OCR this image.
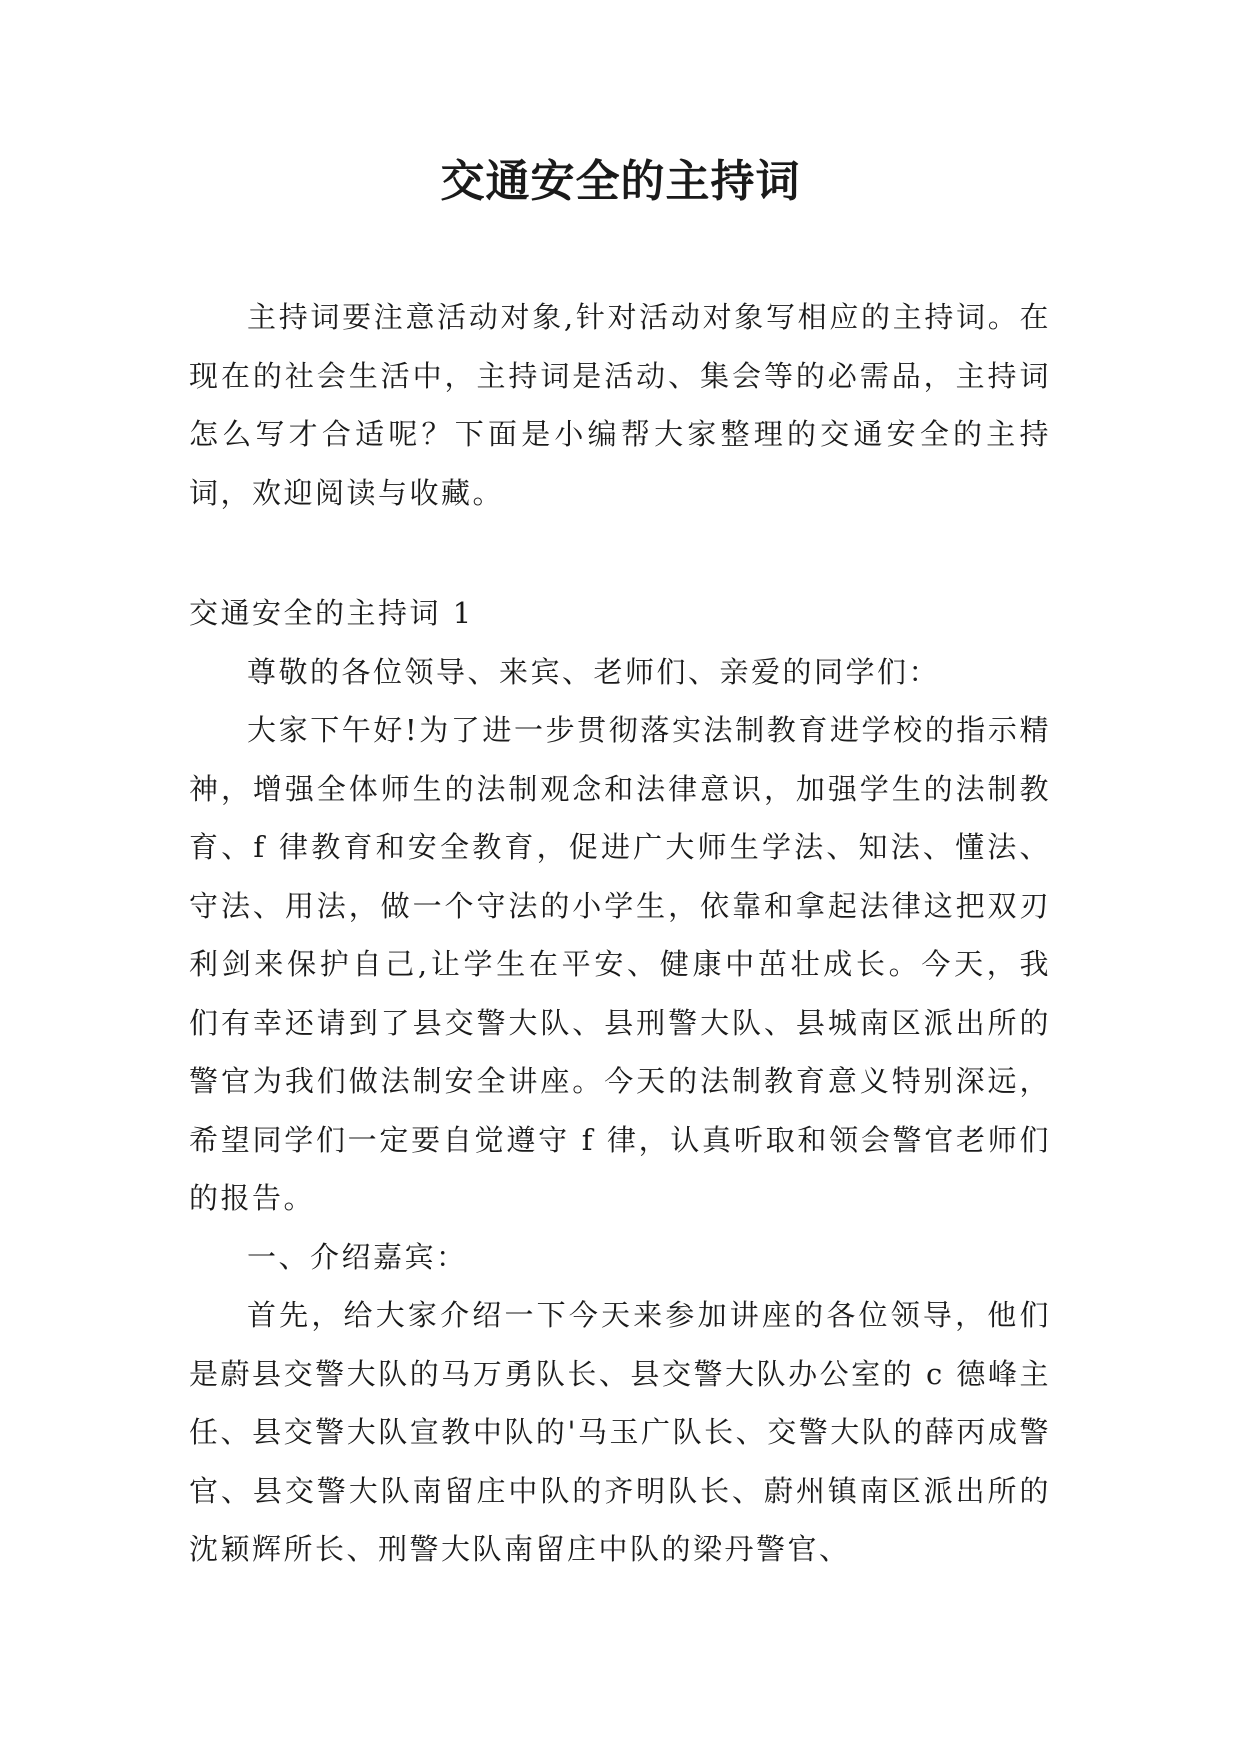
交通安全的主持词

主持词要注意活动对象,针对活动对象写相应的主持词。在现在的社会生活中，主持词是活动、集会等的必需品，主持词怎么写才合适呢？下面是小编帮大家整理的交通安全的主持词，欢迎阅读与收藏。

交通安全的主持词 1

尊敬的各位领导、来宾、老师们、亲爱的同学们：

大家下午好!为了进一步贯彻落实法制教育进学校的指示精神，增强全体师生的法制观念和法律意识，加强学生的法制教育、f 律教育和安全教育，促进广大师生学法、知法、懂法、守法、用法，做一个守法的小学生，依靠和拿起法律这把双刃利剑来保护自己,让学生在平安、健康中茁壮成长。今天，我们有幸还请到了县交警大队、县刑警大队、县城南区派出所的警官为我们做法制安全讲座。今天的法制教育意义特别深远，希望同学们一定要自觉遵守 f 律，认真听取和领会警官老师们的报告。

一、介绍嘉宾：

首先，给大家介绍一下今天来参加讲座的各位领导，他们是蔚县交警大队的马万勇队长、县交警大队办公室的 c 德峰主任、县交警大队宣教中队的'马玉广队长、交警大队的薛丙成警官、县交警大队南留庄中队的齐明队长、蔚州镇南区派出所的沈颖辉所长、刑警大队南留庄中队的梁丹警官、
